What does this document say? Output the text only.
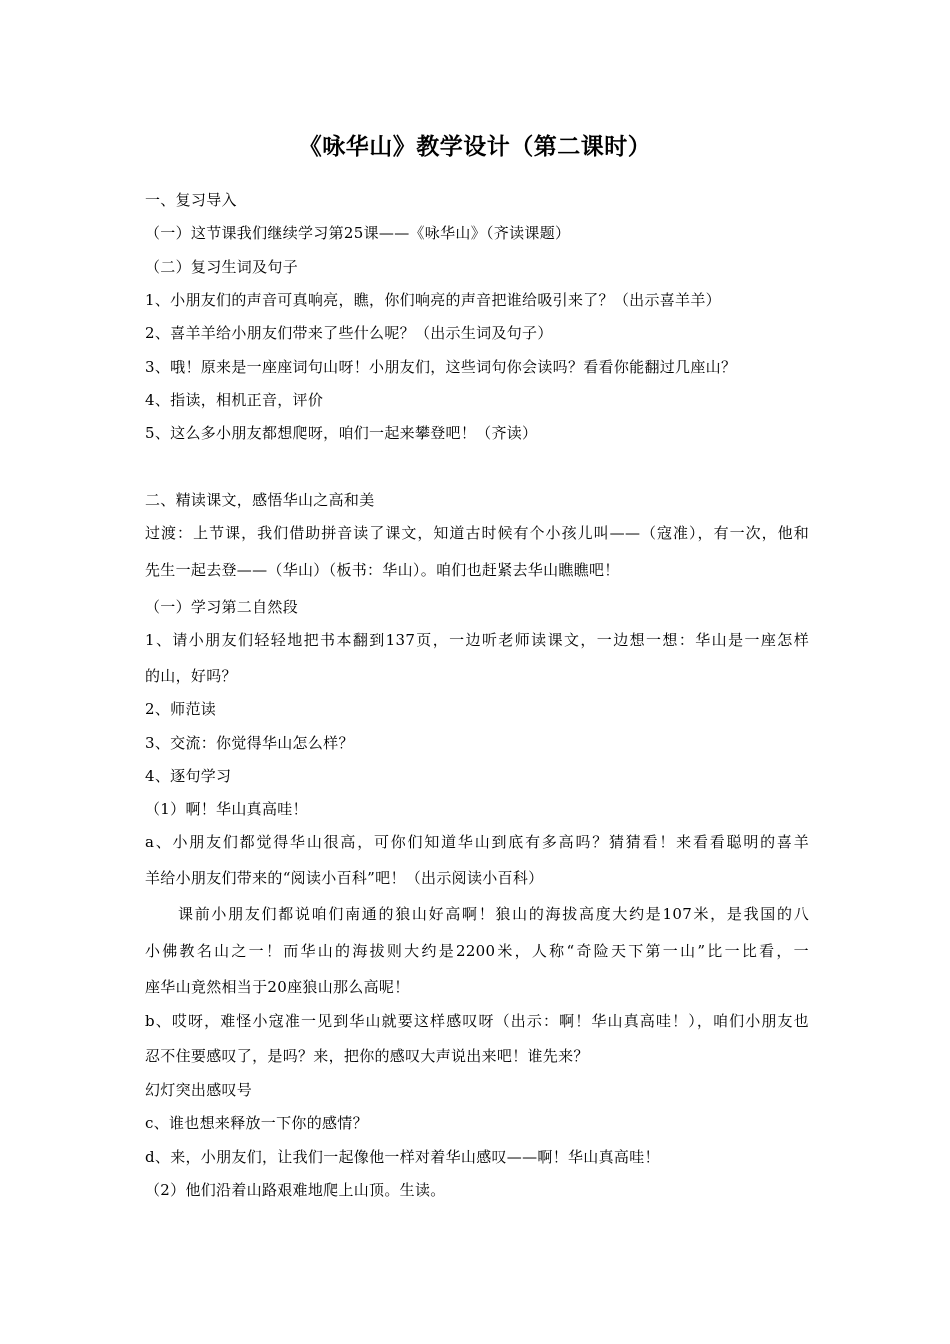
《咏华山》教学设计（第二课时）
一、复习导入
（一）这节课我们继续学习第25课——《咏华山》（齐读课题）
（二）复习生词及句子
1、小朋友们的声音可真响亮，瞧，你们响亮的声音把谁给吸引来了？（出示喜羊羊）
2、喜羊羊给小朋友们带来了些什么呢？（出示生词及句子）
3、哦！原来是一座座词句山呀！小朋友们，这些词句你会读吗？看看你能翻过几座山？
4、指读，相机正音，评价
5、这么多小朋友都想爬呀，咱们一起来攀登吧！（齐读）
二、精读课文，感悟华山之高和美
过渡：上节课，我们借助拼音读了课文，知道古时候有个小孩儿叫——（寇准），有一次，他和
先生一起去登——（华山）（板书：华山）。咱们也赶紧去华山瞧瞧吧！
（一）学习第二自然段
1、请小朋友们轻轻地把书本翻到137页，一边听老师读课文，一边想一想：华山是一座怎样
的山，好吗？
2、师范读
3、交流：你觉得华山怎么样？
4、逐句学习
（1）啊！华山真高哇！
a、小朋友们都觉得华山很高，可你们知道华山到底有多高吗？猜猜看！来看看聪明的喜羊
羊给小朋友们带来的“阅读小百科”吧！（出示阅读小百科）
课前小朋友们都说咱们南通的狼山好高啊！狼山的海拔高度大约是107米，是我国的八
小佛教名山之一！而华山的海拔则大约是2200米，人称“奇险天下第一山”比一比看，一
座华山竟然相当于20座狼山那么高呢！
b、哎呀，难怪小寇准一见到华山就要这样感叹呀（出示：啊！华山真高哇！），咱们小朋友也
忍不住要感叹了，是吗？来，把你的感叹大声说出来吧！谁先来？
幻灯突出感叹号
c、谁也想来释放一下你的感情？
d、来，小朋友们，让我们一起像他一样对着华山感叹——啊！华山真高哇！
（2）他们沿着山路艰难地爬上山顶。生读。
